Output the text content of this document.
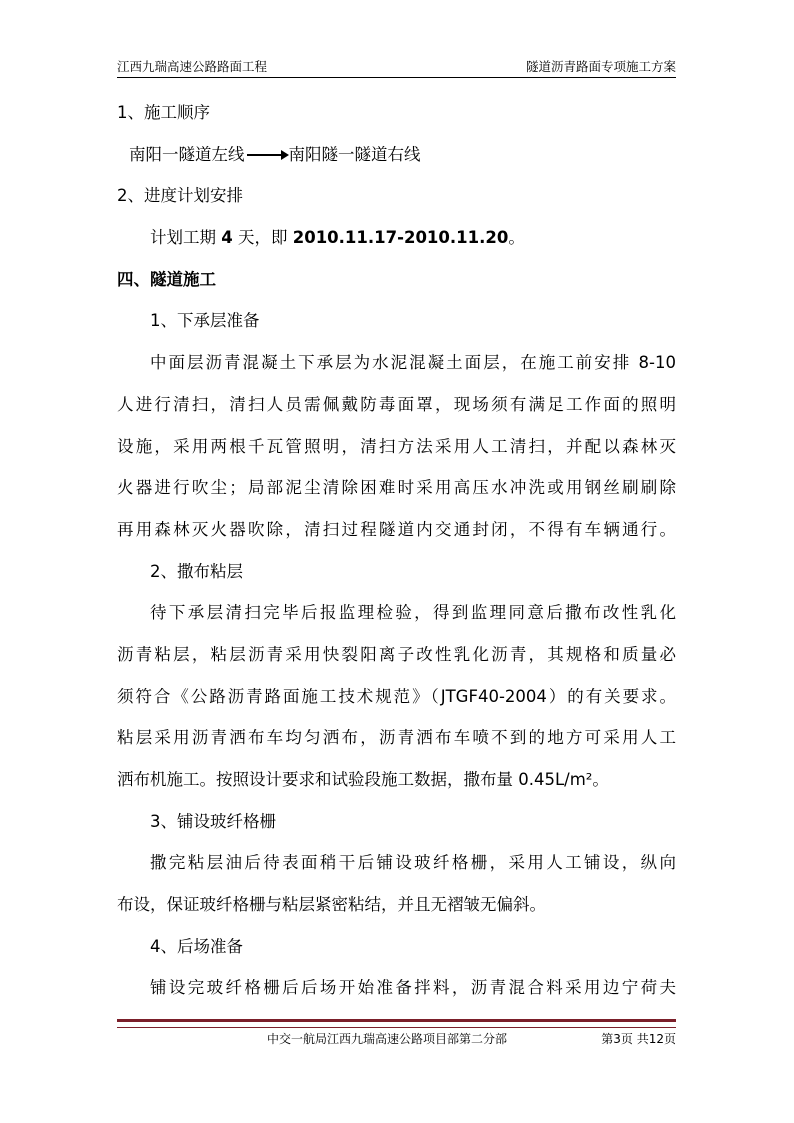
江西九瑞高速公路路面工程	隧道沥青路面专项施工方案
1、施工顺序
南阳一隧道左线	南阳隧一隧道右线
2、进度计划安排
计划工期 4 天，即 2010.11.17-2010.11.20。
四、隧道施工
1、下承层准备
中面层沥青混凝土下承层为水泥混凝土面层，在施工前安排 8-10
人进行清扫，清扫人员需佩戴防毒面罩，现场须有满足工作面的照明
设施，采用两根千瓦管照明，清扫方法采用人工清扫，并配以森林灭
火器进行吹尘；局部泥尘清除困难时采用高压水冲洗或用钢丝刷刷除
再用森林灭火器吹除，清扫过程隧道内交通封闭，不得有车辆通行。
2、撒布粘层
待下承层清扫完毕后报监理检验，得到监理同意后撒布改性乳化
沥青粘层，粘层沥青采用快裂阳离子改性乳化沥青，其规格和质量必
须符合《公路沥青路面施工技术规范》（JTGF40-2004）的有关要求。
粘层采用沥青洒布车均匀洒布，沥青洒布车喷不到的地方可采用人工
洒布机施工。按照设计要求和试验段施工数据，撒布量 0.45L/m²。
3、铺设玻纤格栅
撒完粘层油后待表面稍干后铺设玻纤格栅，采用人工铺设，纵向
布设，保证玻纤格栅与粘层紧密粘结，并且无褶皱无偏斜。
4、后场准备
铺设完玻纤格栅后后场开始准备拌料，沥青混合料采用边宁荷夫
中交一航局江西九瑞高速公路项目部第二分部	第3页 共12页
